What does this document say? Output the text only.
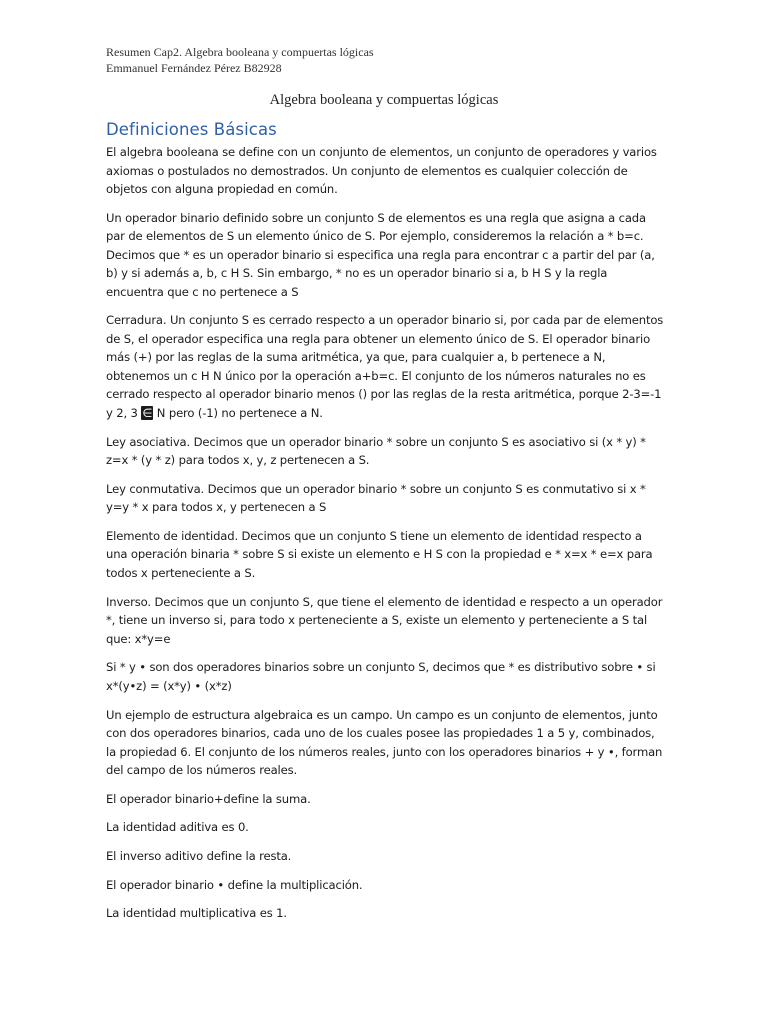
Resumen Cap2. Algebra booleana y compuertas lógicas
Emmanuel Fernández Pérez B82928
Algebra booleana y compuertas lógicas
Definiciones Básicas

El algebra booleana se define con un conjunto de elementos, un conjunto de operadores y varios axiomas o postulados no demostrados. Un conjunto de elementos es cualquier colección de objetos con alguna propiedad en común.

Un operador binario definido sobre un conjunto S de elementos es una regla que asigna a cada par de elementos de S un elemento único de S. Por ejemplo, consideremos la relación a * b=c. Decimos que * es un operador binario si especifica una regla para encontrar c a partir del par (a, b) y si además a, b, c H S. Sin embargo, * no es un operador binario si a, b H S y la regla encuentra que c no pertenece a S

Cerradura. Un conjunto S es cerrado respecto a un operador binario si, por cada par de elementos de S, el operador especifica una regla para obtener un elemento único de S. El operador binario más (+) por las reglas de la suma aritmética, ya que, para cualquier a, b pertenece a N, obtenemos un c H N único por la operación a+b=c. El conjunto de los números naturales no es cerrado respecto al operador binario menos () por las reglas de la resta aritmética, porque 2-3=-1 y 2, 3 ∈ N pero (-1) no pertenece a N.

Ley asociativa. Decimos que un operador binario * sobre un conjunto S es asociativo si (x * y) * z=x * (y * z) para todos x, y, z pertenecen a S.

Ley conmutativa. Decimos que un operador binario * sobre un conjunto S es conmutativo si x * y=y * x para todos x, y pertenecen a S

Elemento de identidad. Decimos que un conjunto S tiene un elemento de identidad respecto a una operación binaria * sobre S si existe un elemento e H S con la propiedad e * x=x * e=x para todos x perteneciente a S.

Inverso. Decimos que un conjunto S, que tiene el elemento de identidad e respecto a un operador *, tiene un inverso si, para todo x perteneciente a S, existe un elemento y perteneciente a S tal que: x*y=e

Si * y • son dos operadores binarios sobre un conjunto S, decimos que * es distributivo sobre • si x*(y•z) = (x*y) • (x*z)

Un ejemplo de estructura algebraica es un campo. Un campo es un conjunto de elementos, junto con dos operadores binarios, cada uno de los cuales posee las propiedades 1 a 5 y, combinados, la propiedad 6. El conjunto de los números reales, junto con los operadores binarios + y •, forman del campo de los números reales.

El operador binario+define la suma.

La identidad aditiva es 0.

El inverso aditivo define la resta.

El operador binario • define la multiplicación.

La identidad multiplicativa es 1.
